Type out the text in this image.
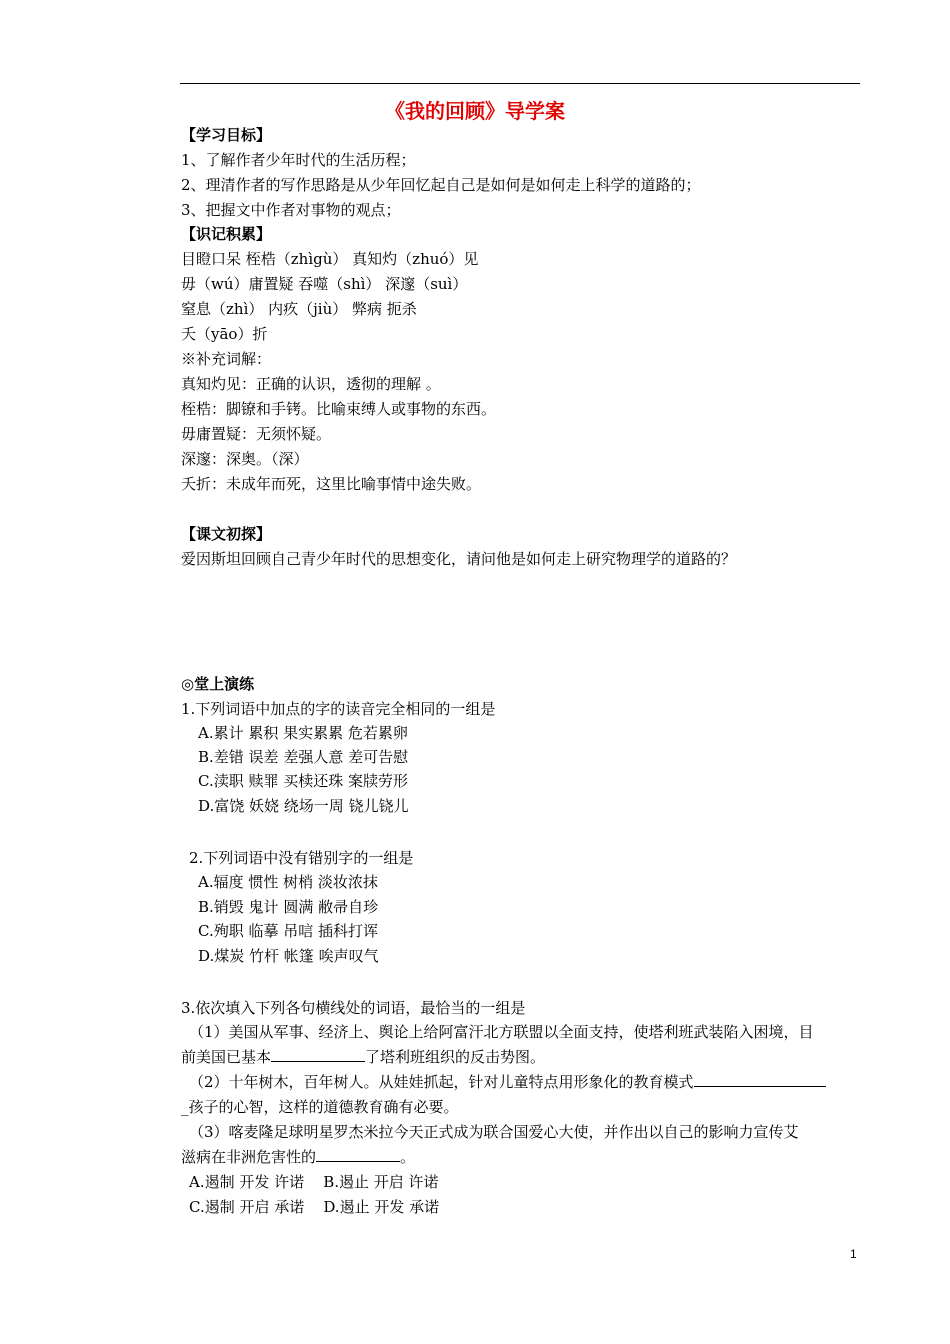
《我的回顾》导学案
【学习目标】
1、了解作者少年时代的生活历程；
2、理清作者的写作思路是从少年回忆起自己是如何是如何走上科学的道路的；
3、把握文中作者对事物的观点；
【识记积累】
目瞪口呆 桎梏（zhìgù） 真知灼（zhuó）见
毋（wú）庸置疑 吞噬（shì） 深邃（suì）
窒息（zhì） 内疚（jiù） 弊病 扼杀
夭（yāo）折
※补充词解：
真知灼见：正确的认识，透彻的理解 。
桎梏：脚镣和手铐。比喻束缚人或事物的东西。
毋庸置疑：无须怀疑。
深邃：深奥。（深）
夭折：未成年而死，这里比喻事情中途失败。
【课文初探】
爱因斯坦回顾自己青少年时代的思想变化，请问他是如何走上研究物理学的道路的？
◎堂上演练
1.下列词语中加点的字的读音完全相同的一组是
A.累计 累积 果实累累 危若累卵
B.差错 误差 差强人意 差可告慰
C.渎职 赎罪 买椟还珠 案牍劳形
D.富饶 妖娆 绕场一周 铙儿铙儿
2.下列词语中没有错别字的一组是
A.辐度 惯性 树梢 淡妆浓抹
B.销毁 鬼计 圆满 敝帚自珍
C.殉职 临摹 吊唁 插科打诨
D.煤炭 竹杆 帐篷 唉声叹气
3.依次填入下列各句横线处的词语，最恰当的一组是
（1）美国从军事、经济上、舆论上给阿富汗北方联盟以全面支持，使塔利班武装陷入困境，目
前美国已基本	了塔利班组织的反击势图。
（2）十年树木，百年树人。从娃娃抓起，针对儿童特点用形象化的教育模式
_孩子的心智，这样的道德教育确有必要。
（3）喀麦隆足球明星罗杰米拉今天正式成为联合国爱心大使，并作出以自己的影响力宣传艾
滋病在非洲危害性的	。
A.遏制 开发 许诺    B.遏止 开启 许诺
C.遏制 开启 承诺    D.遏止 开发 承诺
1
